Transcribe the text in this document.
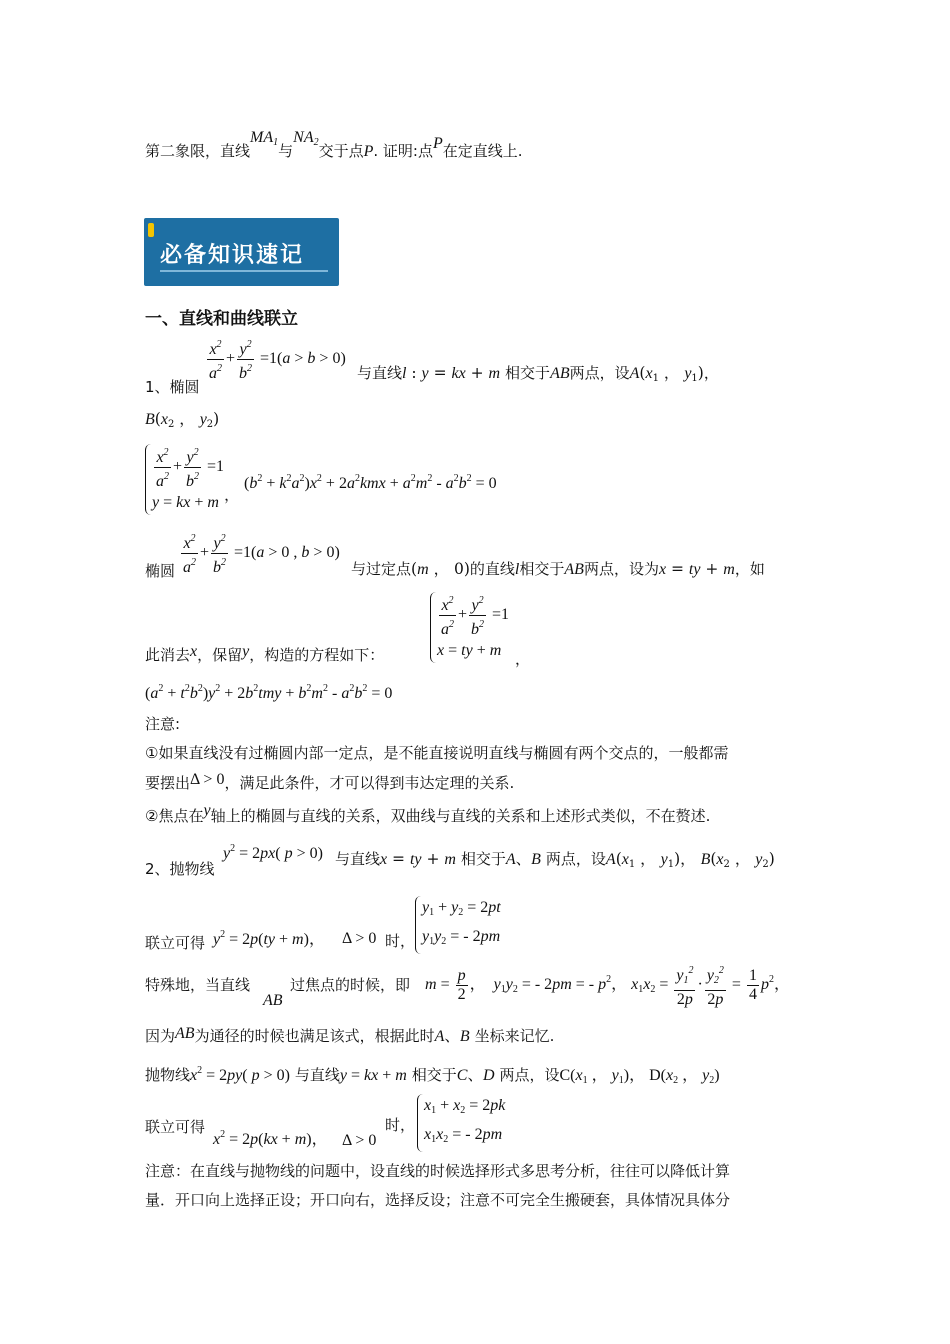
第二象限，直线$MA_1$与$NA_2$交于点P. 证明:点P在定直线上.
必备知识速记
一、直线和曲线联立
1、椭圆
$\frac{x^2}{a^2} + \frac{y^2}{b^2} =1(a > b > 0)$
与直线l : y = kx + m 相交于AB两点，设$A(x_1$ ， $y_1$)，
$B(x_2$ ， $y_2$)
$\frac{x^2}{a^2} + \frac{y^2}{b^2} =1$
y = kx + m ， $(b^2 + k^2a^2)x^2 + 2a^2kmx + a^2m^2 - a^2b^2 = 0$
椭圆 $\frac{x^2}{a^2} + \frac{y^2}{b^2} =1(a > 0$ , b > 0)
与过定点(m ， 0)的直线l相交于AB两点，设为x = ty + m，如
此消去x，保留y，构造的方程如下：
$\frac{x^2}{a^2} + \frac{y^2}{b^2} =1$
x = ty + m ，
$(a^2 + t^2b^2)y^2 + 2b^2tmy + b^2m^2 - a^2b^2 = 0$
注意:
①如果直线没有过椭圆内部一定点，是不能直接说明直线与椭圆有两个交点的，一般都需
要摆出Δ > 0，满足此条件，才可以得到韦达定理的关系.
②焦点在y轴上的椭圆与直线的关系，双曲线与直线的关系和上述形式类似，不在赘述.
2、抛物线
$y^2 = 2px$( p > 0) 与直线x = ty + m 相交于A、B 两点，设$A(x_1$ ， $y_1$)， $B(x_2$ ， $y_2$)
联立可得 $y^2 = 2p(ty + m)$， Δ > 0 时，
$y_1 + y_2 = 2pt$
$y_1y_2$ = - 2pm
特殊地，当直线
AB
过焦点的时候，即 $m = \frac{p}{2}$ ，  $y_1y_2$ = - 2pm = - $p^2$， $x_1x_2 = \frac{y_1^2}{2p} \cdot \frac{y_2^2}{2p} = \frac{1}{4} p^2$，
因为AB为通径的时候也满足该式，根据此时A、B 坐标来记忆.
抛物线$x^2 = 2py$( p > 0) 与直线y = kx + m 相交于C、D 两点，设$C(x_1$ ， $y_1$)， $D(x_2$ ， $y_2$)
联立可得
$x^2 = 2p(kx + m)$， Δ > 0
时，
$x_1 + x_2 = 2pk$
$x_1x_2$ = - 2pm
注意：在直线与抛物线的问题中，设直线的时候选择形式多思考分析，往往可以降低计算
量．开口向上选择正设；开口向右，选择反设；注意不可完全生搬硬套，具体情况具体分
